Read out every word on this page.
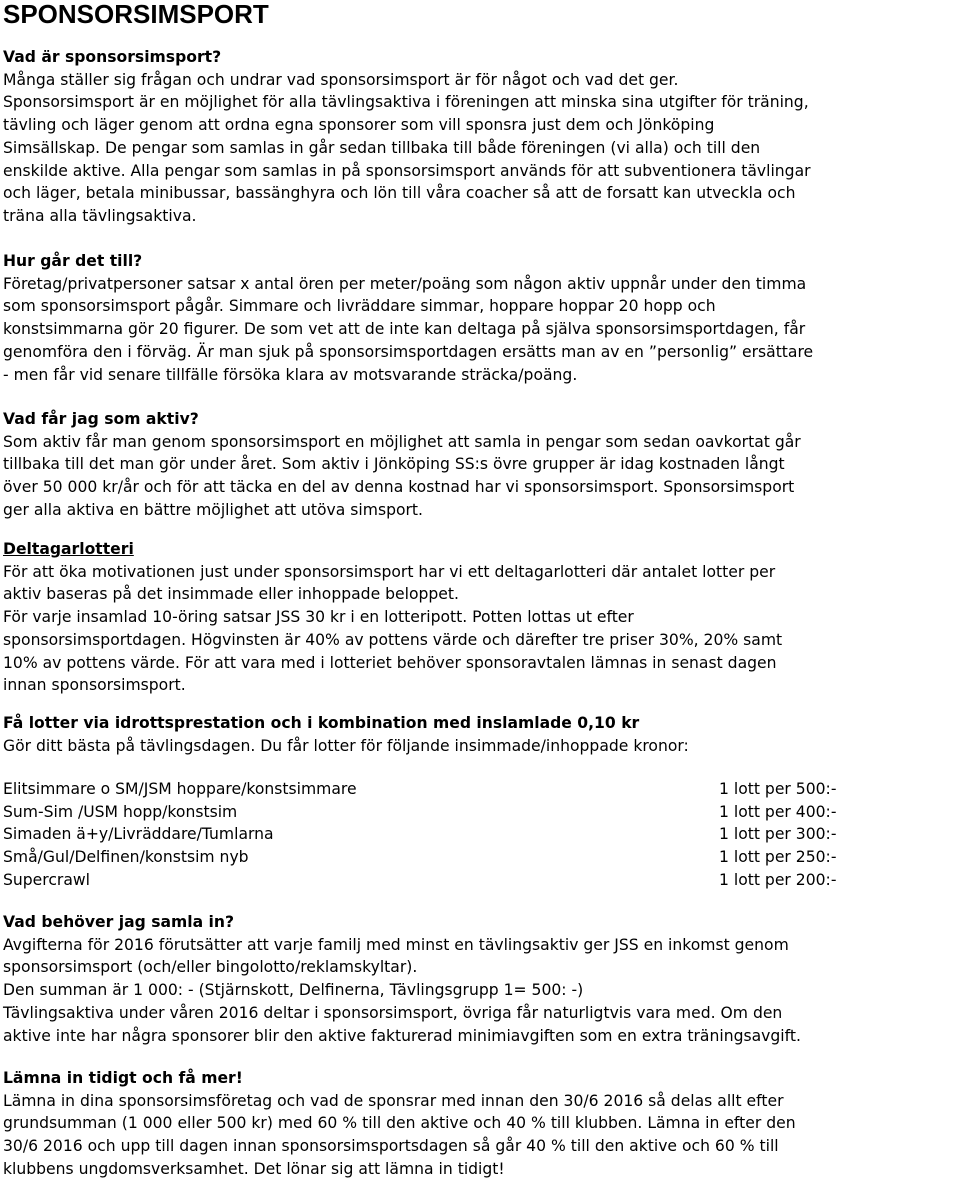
SPONSORSIMSPORT
Vad är sponsorsimsport?
Många ställer sig frågan och undrar vad sponsorsimsport är för något och vad det ger.
Sponsorsimsport är en möjlighet för alla tävlingsaktiva i föreningen att minska sina utgifter för träning,
tävling och läger genom att ordna egna sponsorer som vill sponsra just dem och Jönköping
Simsällskap. De pengar som samlas in går sedan tillbaka till både föreningen (vi alla) och till den
enskilde aktive. Alla pengar som samlas in på sponsorsimsport används för att subventionera tävlingar
och läger, betala minibussar, bassänghyra och lön till våra coacher så att de forsatt kan utveckla och
träna alla tävlingsaktiva.
Hur går det till?
Företag/privatpersoner satsar x antal ören per meter/poäng som någon aktiv uppnår under den timma
som sponsorsimsport pågår. Simmare och livräddare simmar, hoppare hoppar 20 hopp och
konstsimmarna gör 20 figurer. De som vet att de inte kan deltaga på själva sponsorsimsportdagen, får
genomföra den i förväg. Är man sjuk på sponsorsimsportdagen ersätts man av en ”personlig” ersättare
- men får vid senare tillfälle försöka klara av motsvarande sträcka/poäng.
Vad får jag som aktiv?
Som aktiv får man genom sponsorsimsport en möjlighet att samla in pengar som sedan oavkortat går
tillbaka till det man gör under året. Som aktiv i Jönköping SS:s övre grupper är idag kostnaden långt
över 50 000 kr/år och för att täcka en del av denna kostnad har vi sponsorsimsport. Sponsorsimsport
ger alla aktiva en bättre möjlighet att utöva simsport.
Deltagarlotteri
För att öka motivationen just under sponsorsimsport har vi ett deltagarlotteri där antalet lotter per
aktiv baseras på det insimmade eller inhoppade beloppet.
För varje insamlad 10-öring satsar JSS 30 kr i en lotteripott. Potten lottas ut efter
sponsorsimsportdagen. Högvinsten är 40% av pottens värde och därefter tre priser 30%, 20% samt
10% av pottens värde. För att vara med i lotteriet behöver sponsoravtalen lämnas in senast dagen
innan sponsorsimsport.
Få lotter via idrottsprestation och i kombination med inslamlade 0,10 kr
Gör ditt bästa på tävlingsdagen. Du får lotter för följande insimmade/inhoppade kronor:
Elitsimmare o SM/JSM hoppare/konstsimmare	1 lott per 500:-
Sum-Sim /USM hopp/konstsim	1 lott per 400:-
Simaden ä+y/Livräddare/Tumlarna	1 lott per 300:-
Små/Gul/Delfinen/konstsim nyb	1 lott per 250:-
Supercrawl	1 lott per 200:-
Vad behöver jag samla in?
Avgifterna för 2016 förutsätter att varje familj med minst en tävlingsaktiv ger JSS en inkomst genom
sponsorsimsport (och/eller bingolotto/reklamskyltar).
Den summan är 1 000: - (Stjärnskott, Delfinerna, Tävlingsgrupp 1= 500: -)
Tävlingsaktiva under våren 2016 deltar i sponsorsimsport, övriga får naturligtvis vara med. Om den
aktive inte har några sponsorer blir den aktive fakturerad minimiavgiften som en extra träningsavgift.
Lämna in tidigt och få mer!
Lämna in dina sponsorsimsföretag och vad de sponsrar med innan den 30/6 2016 så delas allt efter
grundsumman (1 000 eller 500 kr) med 60 % till den aktive och 40 % till klubben. Lämna in efter den
30/6 2016 och upp till dagen innan sponsorsimsportsdagen så går 40 % till den aktive och 60 % till
klubbens ungdomsverksamhet. Det lönar sig att lämna in tidigt!
